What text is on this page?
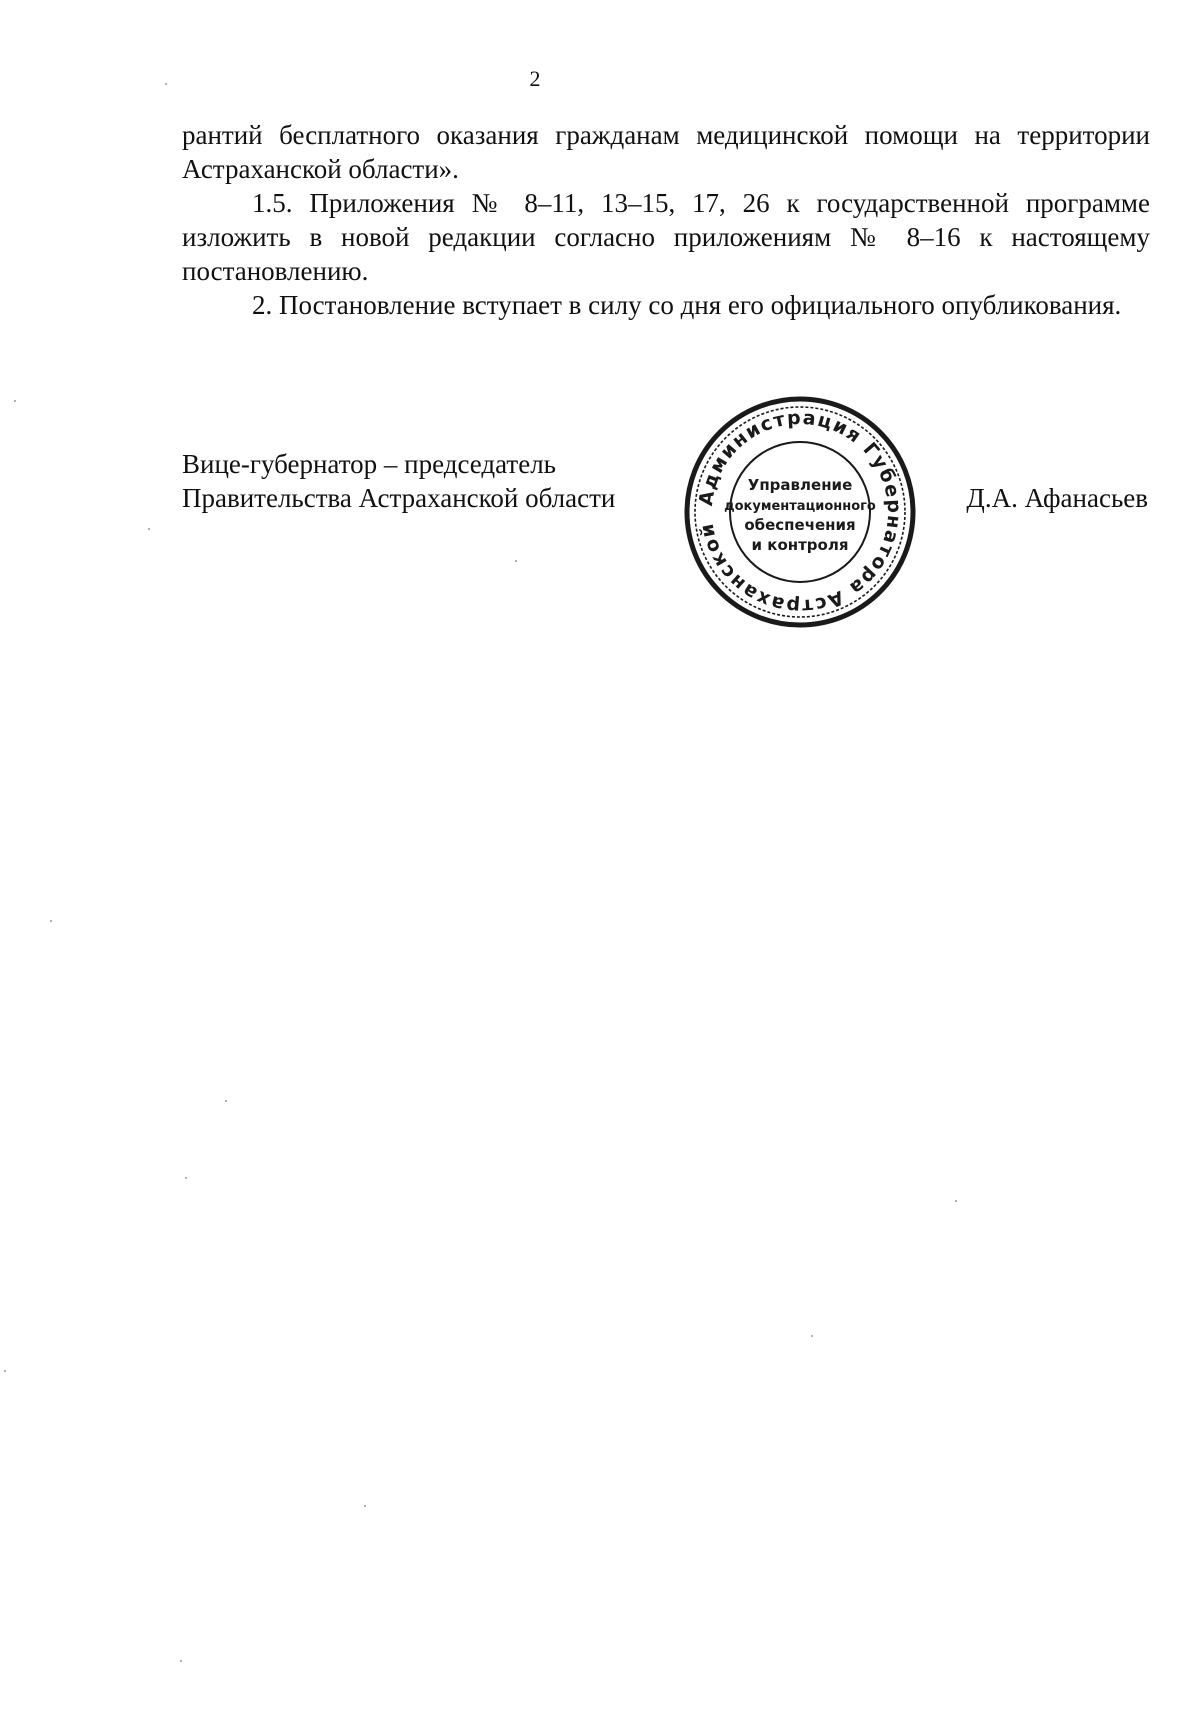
2

рантий бесплатного оказания гражданам медицинской помощи на территории Астраханской области».

1.5. Приложения № 8–11, 13–15, 17, 26 к государственной программе изложить в новой редакции согласно приложениям № 8–16 к настоящему постановлению.

2. Постановление вступает в силу со дня его официального опубликования.

Вице-губернатор – председатель
Правительства Астраханской области	Администрация Губернатора Астраханской
Управление
документационного
обеспечения
и контроля
Д.А. Афанасьев
